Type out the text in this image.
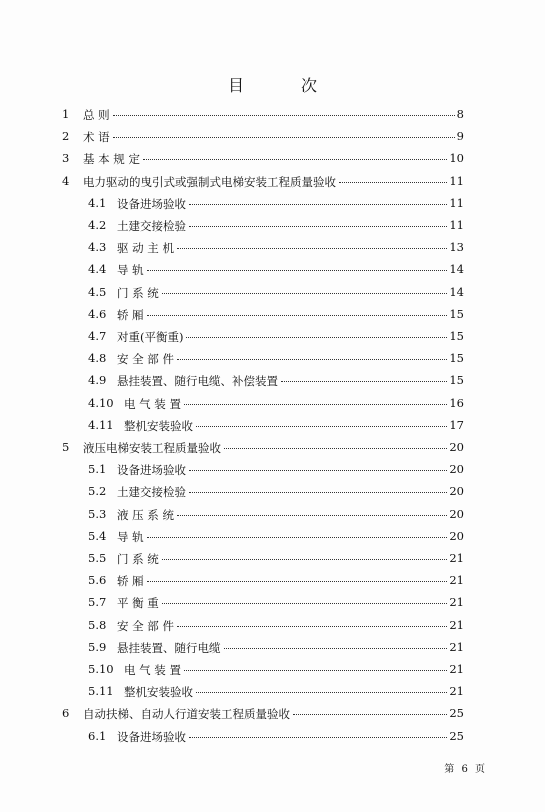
目 次
1 总 则	8
2 术 语	9
3 基 本 规 定	10
4 电力驱动的曳引式或强制式电梯安装工程质量验收	11
4.1 设备进场验收	11
4.2 土建交接检验	11
4.3 驱 动 主 机	13
4.4 导 轨	14
4.5 门 系 统	14
4.6 轿 厢	15
4.7 对重(平衡重)	15
4.8 安 全 部 件	15
4.9 悬挂装置、随行电缆、补偿装置	15
4.10 电 气 装 置	16
4.11 整机安装验收	17
5 液压电梯安装工程质量验收	20
5.1 设备进场验收	20
5.2 土建交接检验	20
5.3 液 压 系 统	20
5.4 导 轨	20
5.5 门 系 统	21
5.6 轿 厢	21
5.7 平 衡 重	21
5.8 安 全 部 件	21
5.9 悬挂装置、随行电缆	21
5.10 电 气 装 置	21
5.11 整机安装验收	21
6 自动扶梯、自动人行道安装工程质量验收	25
6.1 设备进场验收	25
第 6 页
